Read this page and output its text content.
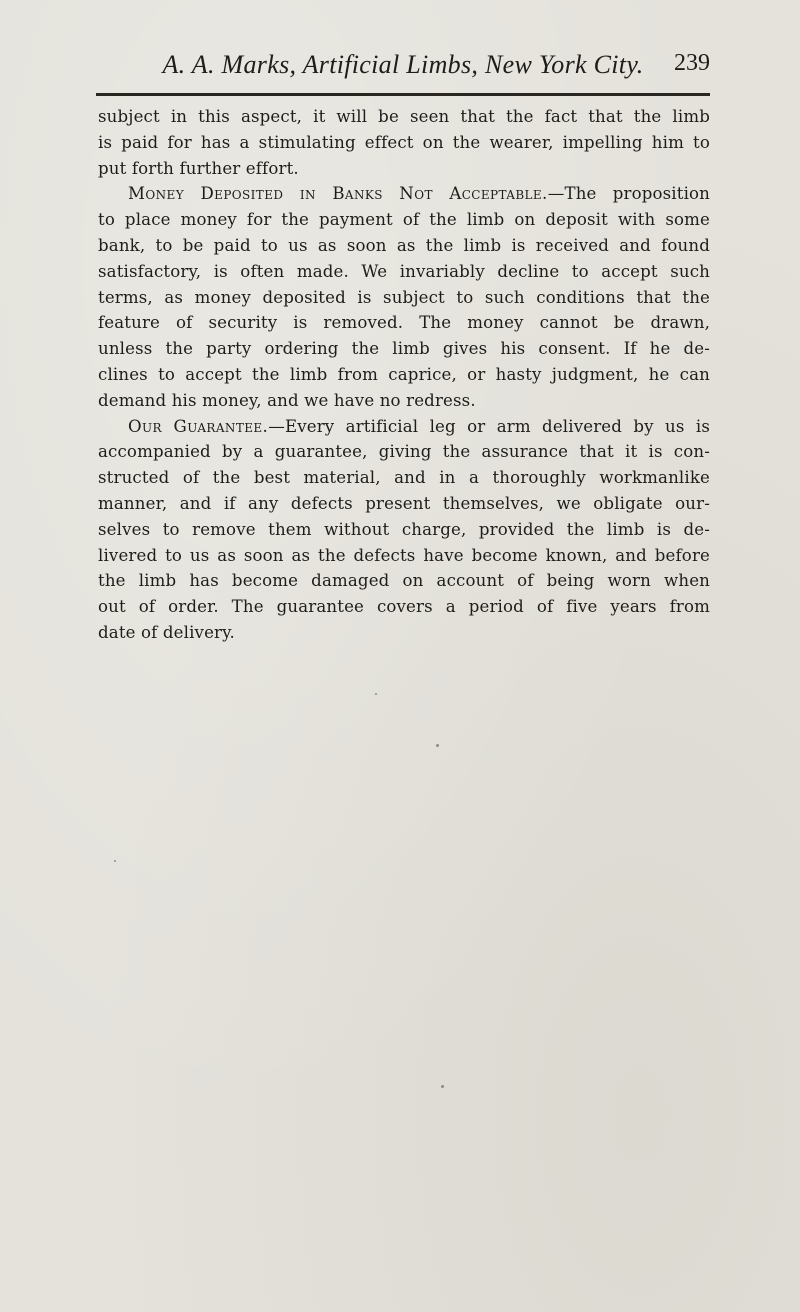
A. A. Marks, Artificial Limbs, New York City.	239
subject in this aspect, it will be seen that the fact that the limb
is paid for has a stimulating effect on the wearer, impelling him to
put forth further effort.
Money Deposited in Banks Not Acceptable.—The proposition
to place money for the payment of the limb on deposit with some
bank, to be paid to us as soon as the limb is received and found
satisfactory, is often made. We invariably decline to accept such
terms, as money deposited is subject to such conditions that the
feature of security is removed. The money cannot be drawn,
unless the party ordering the limb gives his consent. If he de-
clines to accept the limb from caprice, or hasty judgment, he can
demand his money, and we have no redress.
Our Guarantee.—Every artificial leg or arm delivered by us is
accompanied by a guarantee, giving the assurance that it is con-
structed of the best material, and in a thoroughly workmanlike
manner, and if any defects present themselves, we obligate our-
selves to remove them without charge, provided the limb is de-
livered to us as soon as the defects have become known, and before
the limb has become damaged on account of being worn when
out of order. The guarantee covers a period of five years from
date of delivery.
